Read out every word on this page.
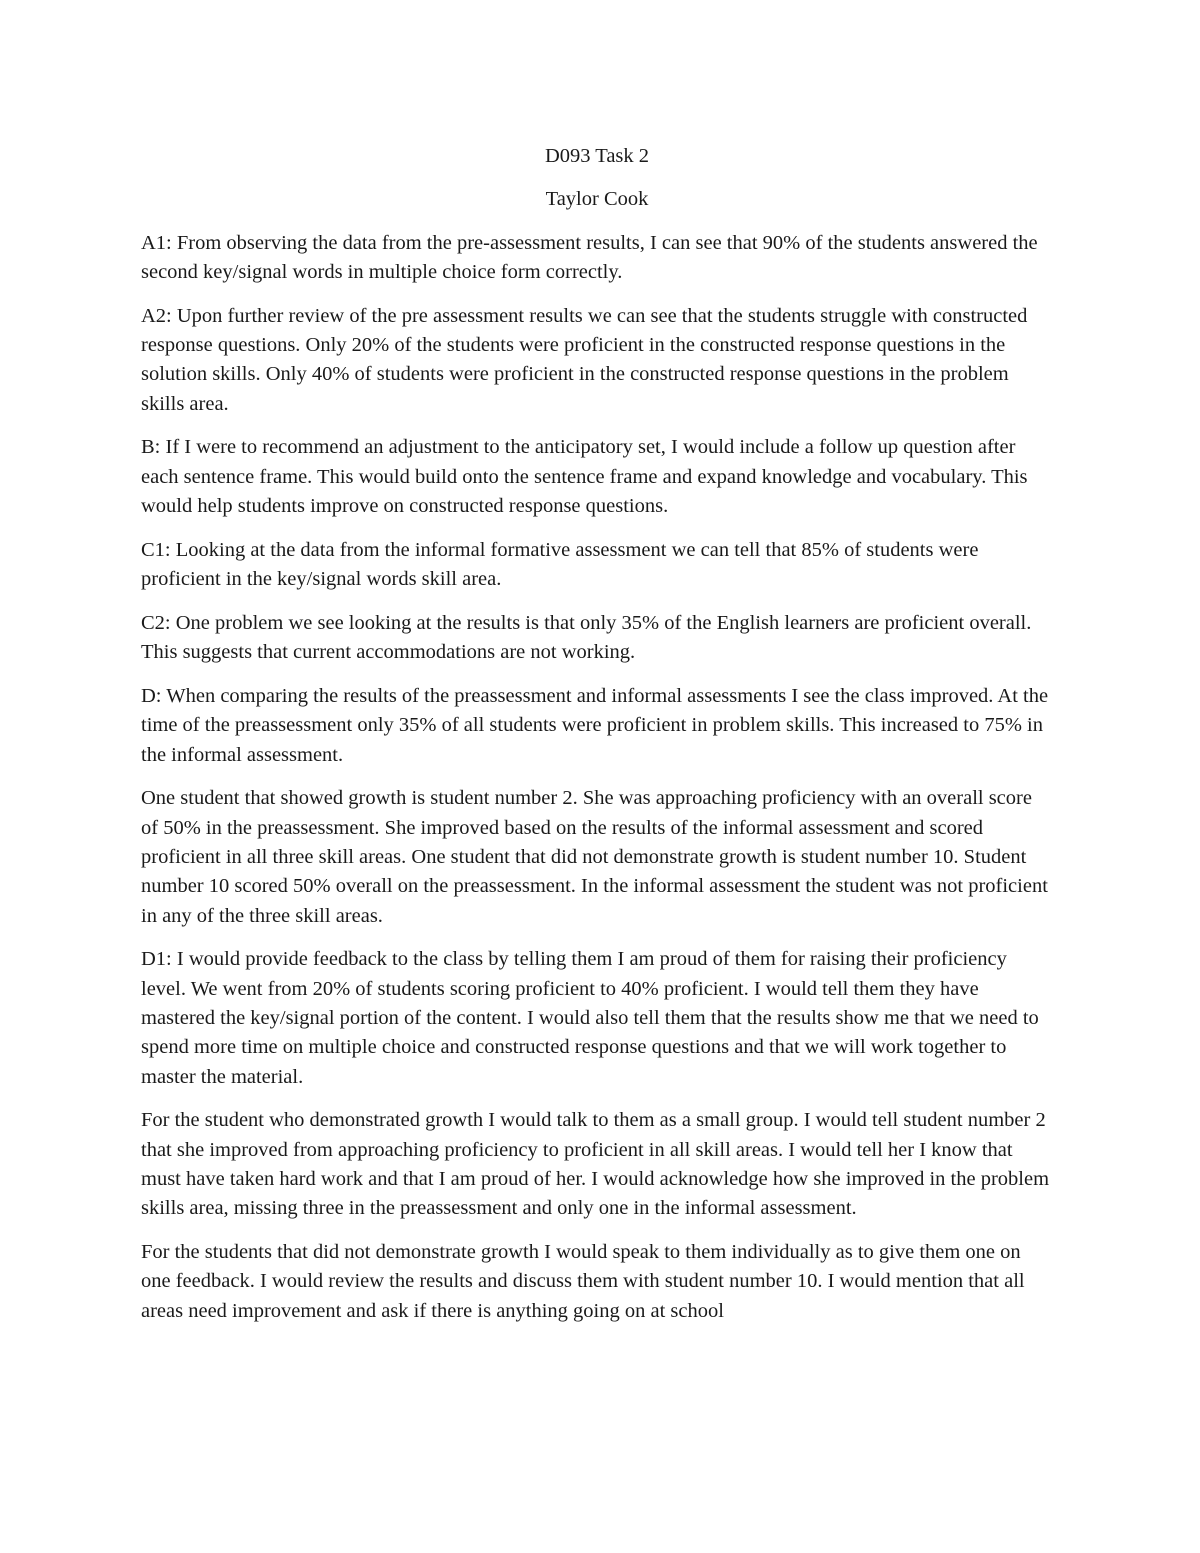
D093 Task 2

Taylor Cook

A1: From observing the data from the pre-assessment results, I can see that 90% of the students answered the second key/signal words in multiple choice form correctly.

A2: Upon further review of the pre assessment results we can see that the students struggle with constructed response questions. Only 20% of the students were proficient in the constructed response questions in the solution skills. Only 40% of students were proficient in the constructed response questions in the problem skills area.

B: If I were to recommend an adjustment to the anticipatory set, I would include a follow up question after each sentence frame. This would build onto the sentence frame and expand knowledge and vocabulary. This would help students improve on constructed response questions.

C1: Looking at the data from the informal formative assessment we can tell that 85% of students were proficient in the key/signal words skill area.

C2: One problem we see looking at the results is that only 35% of the English learners are proficient overall. This suggests that current accommodations are not working.

D: When comparing the results of the preassessment and informal assessments I see the class improved. At the time of the preassessment only 35% of all students were proficient in problem skills. This increased to 75% in the informal assessment.

One student that showed growth is student number 2. She was approaching proficiency with an overall score of 50% in the preassessment. She improved based on the results of the informal assessment and scored proficient in all three skill areas. One student that did not demonstrate growth is student number 10. Student number 10 scored 50% overall on the preassessment. In the informal assessment the student was not proficient in any of the three skill areas.

D1: I would provide feedback to the class by telling them I am proud of them for raising their proficiency level. We went from 20% of students scoring proficient to 40% proficient. I would tell them they have mastered the key/signal portion of the content. I would also tell them that the results show me that we need to spend more time on multiple choice and constructed response questions and that we will work together to master the material.

For the student who demonstrated growth I would talk to them as a small group. I would tell student number 2 that she improved from approaching proficiency to proficient in all skill areas. I would tell her I know that must have taken hard work and that I am proud of her. I would acknowledge how she improved in the problem skills area, missing three in the preassessment and only one in the informal assessment.

For the students that did not demonstrate growth I would speak to them individually as to give them one on one feedback. I would review the results and discuss them with student number 10. I would mention that all areas need improvement and ask if there is anything going on at school
